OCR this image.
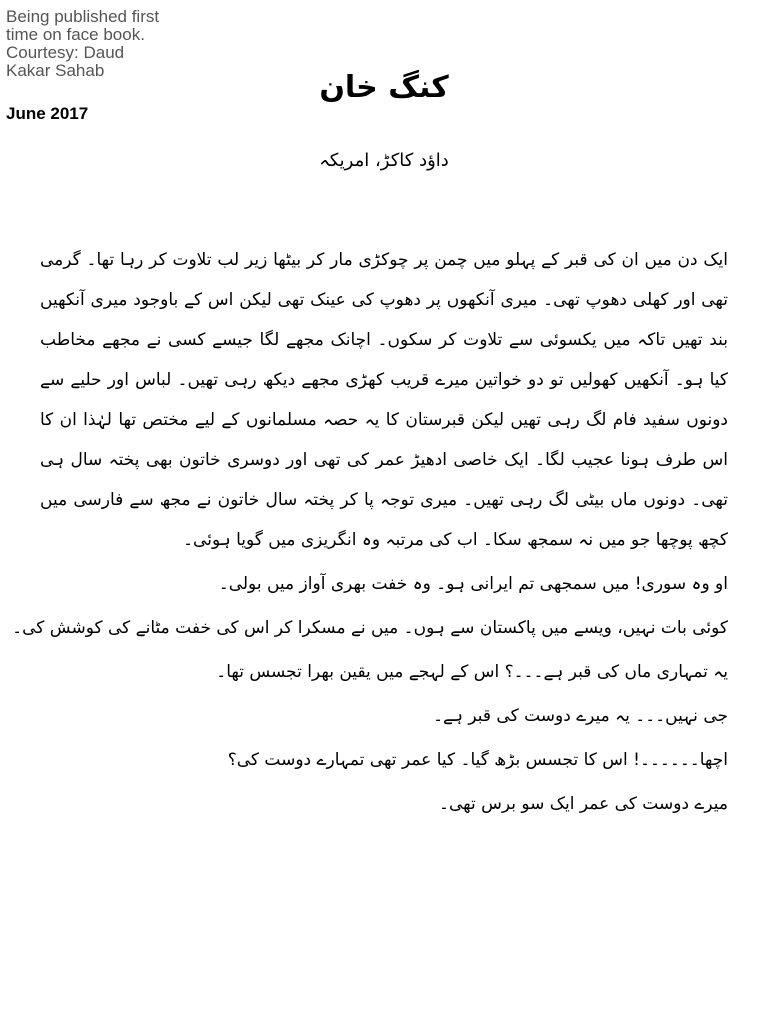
Being published first
time on face book.
Courtesy: Daud
Kakar Sahab
June 2017
کنگ خان
داؤد کاکڑ، امریکہ

ایک دن میں ان کی قبر کے پہلو میں چمن پر چوکڑی مار کر بیٹھا زیر لب تلاوت کر رہا تھا۔ گرمی تھی اور کھلی دھوپ تھی۔ میری آنکھوں پر دھوپ کی عینک تھی لیکن اس کے باوجود میری آنکھیں بند تھیں تاکہ میں یکسوئی سے تلاوت کر سکوں۔ اچانک مجھے لگا جیسے کسی نے مجھے مخاطب کیا ہو۔ آنکھیں کھولیں تو دو خواتین میرے قریب کھڑی مجھے دیکھ رہی تھیں۔ لباس اور حلیے سے دونوں سفید فام لگ رہی تھیں لیکن قبرستان کا یہ حصہ مسلمانوں کے لیے مختص تھا لہٰذا ان کا اس طرف ہونا عجیب لگا۔ ایک خاصی ادھیڑ عمر کی تھی اور دوسری خاتون بھی پختہ سال ہی تھی۔ دونوں ماں بیٹی لگ رہی تھیں۔ میری توجہ پا کر پختہ سال خاتون نے مجھ سے فارسی میں کچھ پوچھا جو میں نہ سمجھ سکا۔ اب کی مرتبہ وہ انگریزی میں گویا ہوئی۔

او وہ سوری! میں سمجھی تم ایرانی ہو۔ وہ خفت بھری آواز میں بولی۔

کوئی بات نہیں، ویسے میں پاکستان سے ہوں۔ میں نے مسکرا کر اس کی خفت مٹانے کی کوشش کی۔

یہ تمہاری ماں کی قبر ہے۔۔۔؟ اس کے لہجے میں یقین بھرا تجسس تھا۔

جی نہیں۔۔۔ یہ میرے دوست کی قبر ہے۔

اچھا۔۔۔۔۔۔! اس کا تجسس بڑھ گیا۔ کیا عمر تھی تمہارے دوست کی؟

میرے دوست کی عمر ایک سو برس تھی۔
